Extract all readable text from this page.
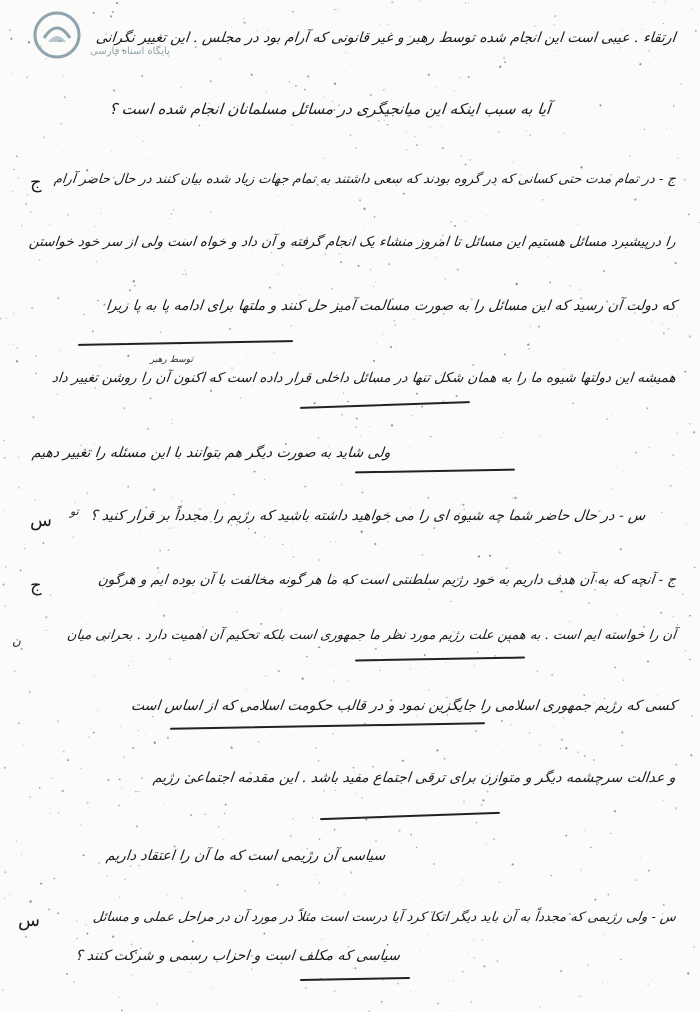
پایگاه اسناد فارسی
ج
س
ج
س
ارتقاء . عیبی است این انجام شده توسط رهبر و غیر قانونی که آرام بود در مجلس . این تغییر نگرانی
آیا به سبب اینکه این میانجیگری در مسائل مسلمانان انجام شده است ؟
ج - در تمام مدت حتی کسانی که در گروه بودند که سعی داشتند به تمام جهات زیاد شده بیان کنند در حال حاضر آرام
را درپیشبرد مسائل هستیم این مسائل تا امروز منشاء یک انجام گرفته و آن داد و خواه است ولی از سر خود خواستن
که دولت آن رسید که این مسائل را به صورت مسالمت آمیز حل کنند و ملتها برای ادامه پا به پا زیرا
همیشه این دولتها شیوه ما را به همان شکل تنها در مسائل داخلی قرار داده است که اکنون آن را روشن تغییر داد
ولی شاید به صورت دیگر هم بتوانند با این مسئله را تغییر دهیم
س - در حال حاضر شما چه شیوه ای را می خواهید داشته باشید که رژیم را مجدداً بر قرار کنید ؟
ج - آنچه که به آن هدف داریم به خود رژیم سلطنتی است که ما هر گونه مخالفت با آن بوده ایم و هرگون
آن را خواسته ایم است . به همین علت رژیم مورد نظر ما جمهوری است بلکه تحکیم آن اهمیت دارد . بحرانی میان
کسی که رژیم جمهوری اسلامی را جایگزین نمود و در قالب حکومت اسلامی که از اساس است
و عدالت سرچشمه دیگر و متوازن برای ترقی اجتماع مفید باشد . این مقدمه اجتماعی رژیم
سیاسی آن رژیمی است که ما آن را اعتقاد داریم
س - ولی رژیمی که مجدداً به آن باید دیگر اتکا کرد آیا درست است مثلاً در مورد آن در مراحل عملی و مسائل
سیاسی که مکلف است و احزاب رسمی و شرکت کنند ؟
توسط رهبر
تو
ن
